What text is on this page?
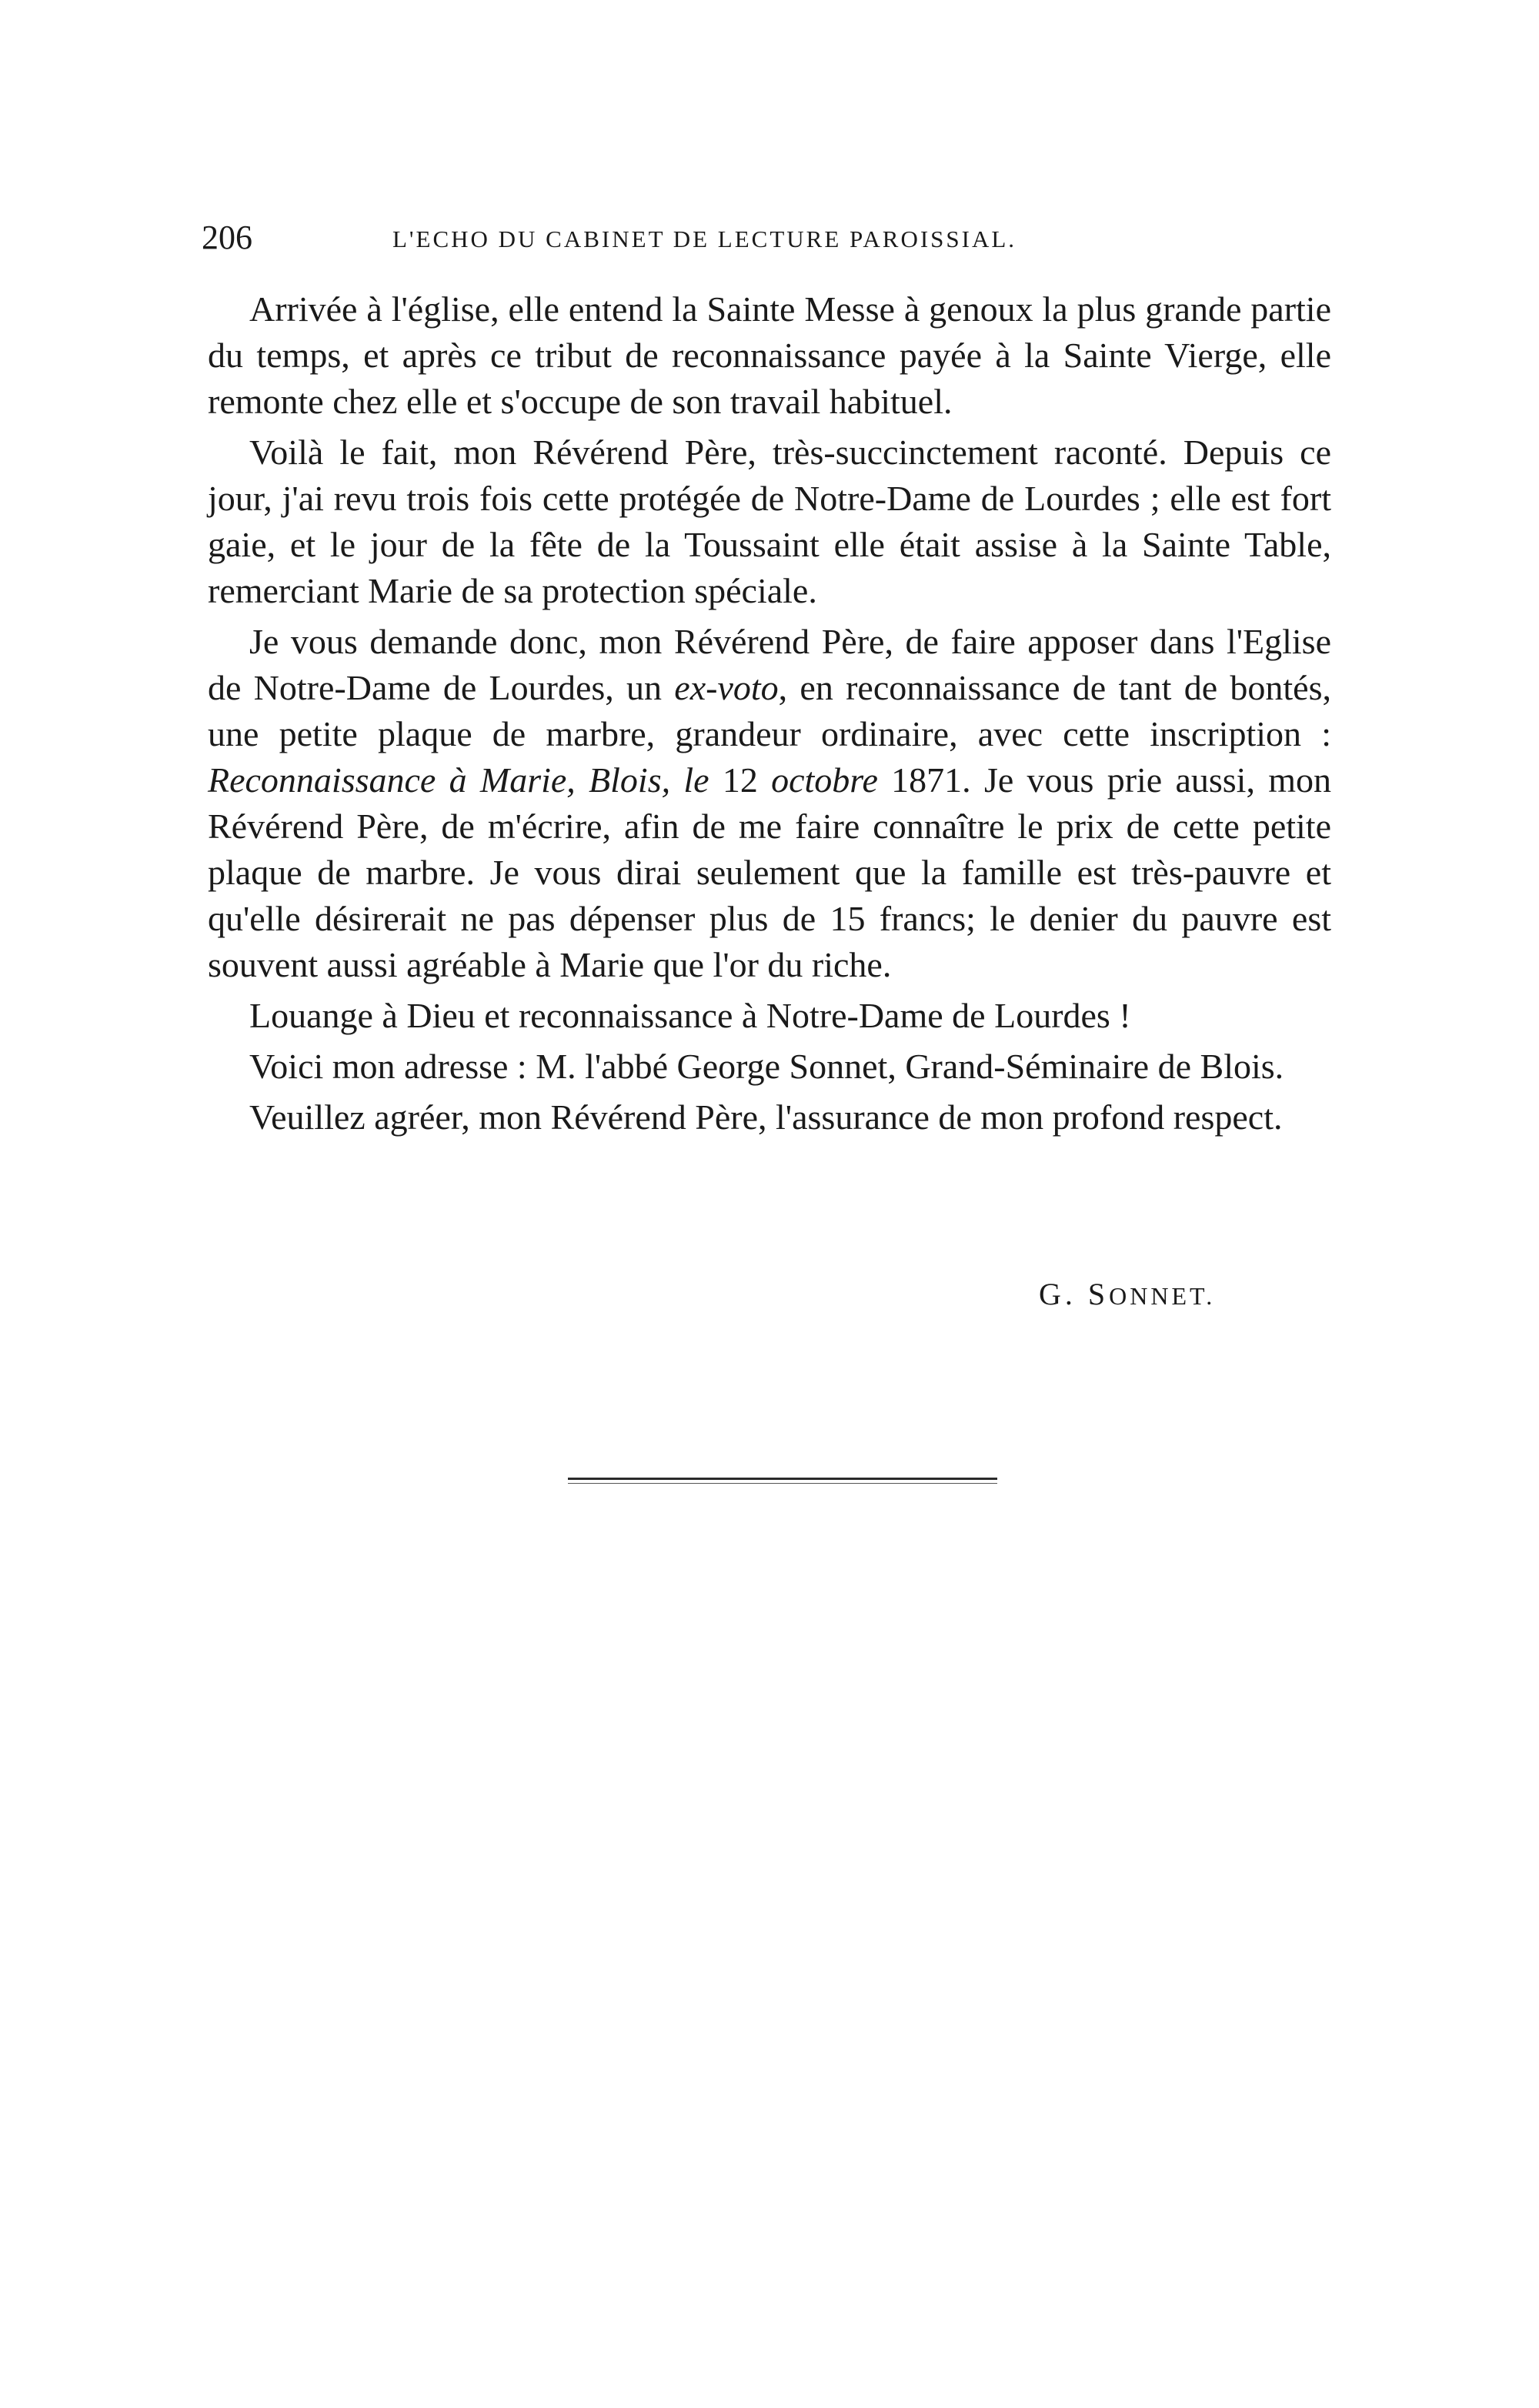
206	L'ECHO DU CABINET DE LECTURE PAROISSIAL.

Arrivée à l'église, elle entend la Sainte Messe à genoux la plus grande partie du temps, et après ce tribut de reconnaissance payée à la Sainte Vierge, elle remonte chez elle et s'occupe de son travail habituel.

Voilà le fait, mon Révérend Père, très-succinctement raconté. Depuis ce jour, j'ai revu trois fois cette protégée de Notre-Dame de Lourdes ; elle est fort gaie, et le jour de la fête de la Toussaint elle était assise à la Sainte Table, remerciant Marie de sa protection spéciale.

Je vous demande donc, mon Révérend Père, de faire apposer dans l'Eglise de Notre-Dame de Lourdes, un ex-voto, en reconnaissance de tant de bontés, une petite plaque de marbre, grandeur ordinaire, avec cette inscription : Reconnaissance à Marie, Blois, le 12 octobre 1871. Je vous prie aussi, mon Révérend Père, de m'écrire, afin de me faire connaître le prix de cette petite plaque de marbre. Je vous dirai seulement que la famille est très-pauvre et qu'elle désirerait ne pas dépenser plus de 15 francs; le denier du pauvre est souvent aussi agréable à Marie que l'or du riche.

Louange à Dieu et reconnaissance à Notre-Dame de Lourdes !

Voici mon adresse : M. l'abbé George Sonnet, Grand-Séminaire de Blois.

Veuillez agréer, mon Révérend Père, l'assurance de mon profond respect.

G. SONNET.
